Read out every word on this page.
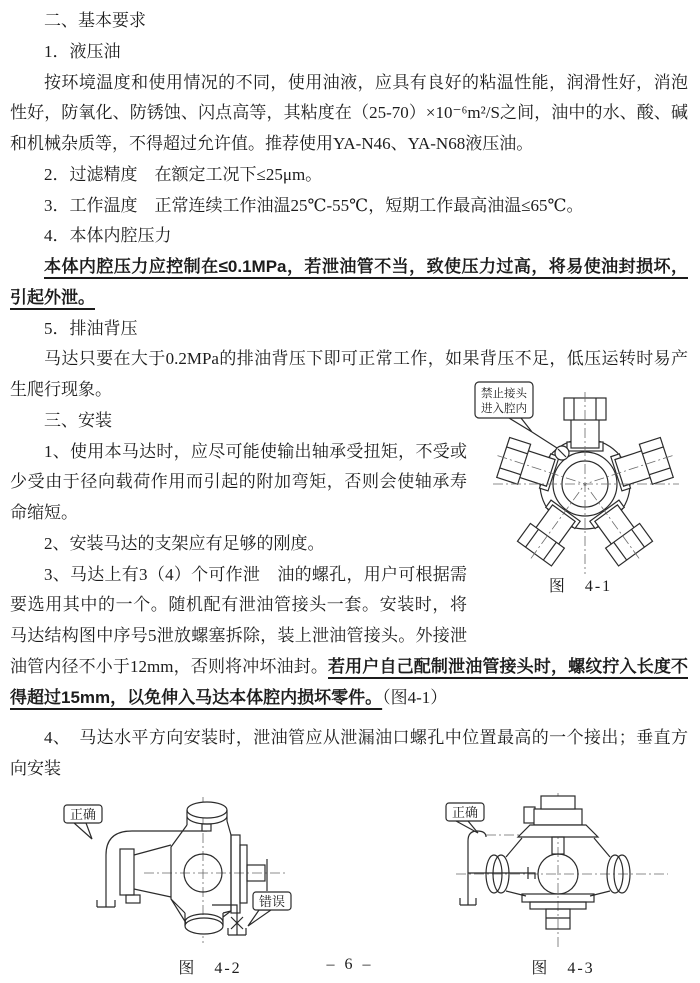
二、基本要求

1．液压油

按环境温度和使用情况的不同，使用油液，应具有良好的粘温性能，润滑性好，消泡性好，防氧化、防锈蚀、闪点高等，其粘度在（25-70）×10⁻⁶m²/S之间，油中的水、酸、碱和机械杂质等，不得超过允许值。推荐使用YA-N46、YA-N68液压油。

2．过滤精度　在额定工况下≤25μm。

3．工作温度　正常连续工作油温25℃-55℃，短期工作最高油温≤65℃。

4．本体内腔压力

本体内腔压力应控制在≤0.1MPa，若泄油管不当，致使压力过高，将易使油封损坏，引起外泄。

5．排油背压

马达只要在大于0.2MPa的排油背压下即可正常工作，如果背压不足，低压运转时易产生爬行现象。	禁止接头
进入腔内
图　4-1

三、安装

1、使用本马达时，应尽可能使输出轴承受扭矩，不受或少受由于径向载荷作用而引起的附加弯矩，否则会使轴承寿命缩短。

2、安装马达的支架应有足够的刚度。

3、马达上有3（4）个可作泄　油的螺孔，用户可根据需要选用其中的一个。随机配有泄油管接头一套。安装时，将马达结构图中序号5泄放螺塞拆除，装上泄油管接头。外接泄油管内径不小于12mm，否则将冲坏油封。若用户自己配制泄油管接头时，螺纹拧入长度不得超过15mm，以免伸入马达本体腔内损坏零件。（图4-1）

4、　马达水平方向安装时，泄油管应从泄漏油口螺孔中位置最高的一个接出；垂直方向安装

正确
错误
图　4-2
正确
图　4-3
– 6 –
